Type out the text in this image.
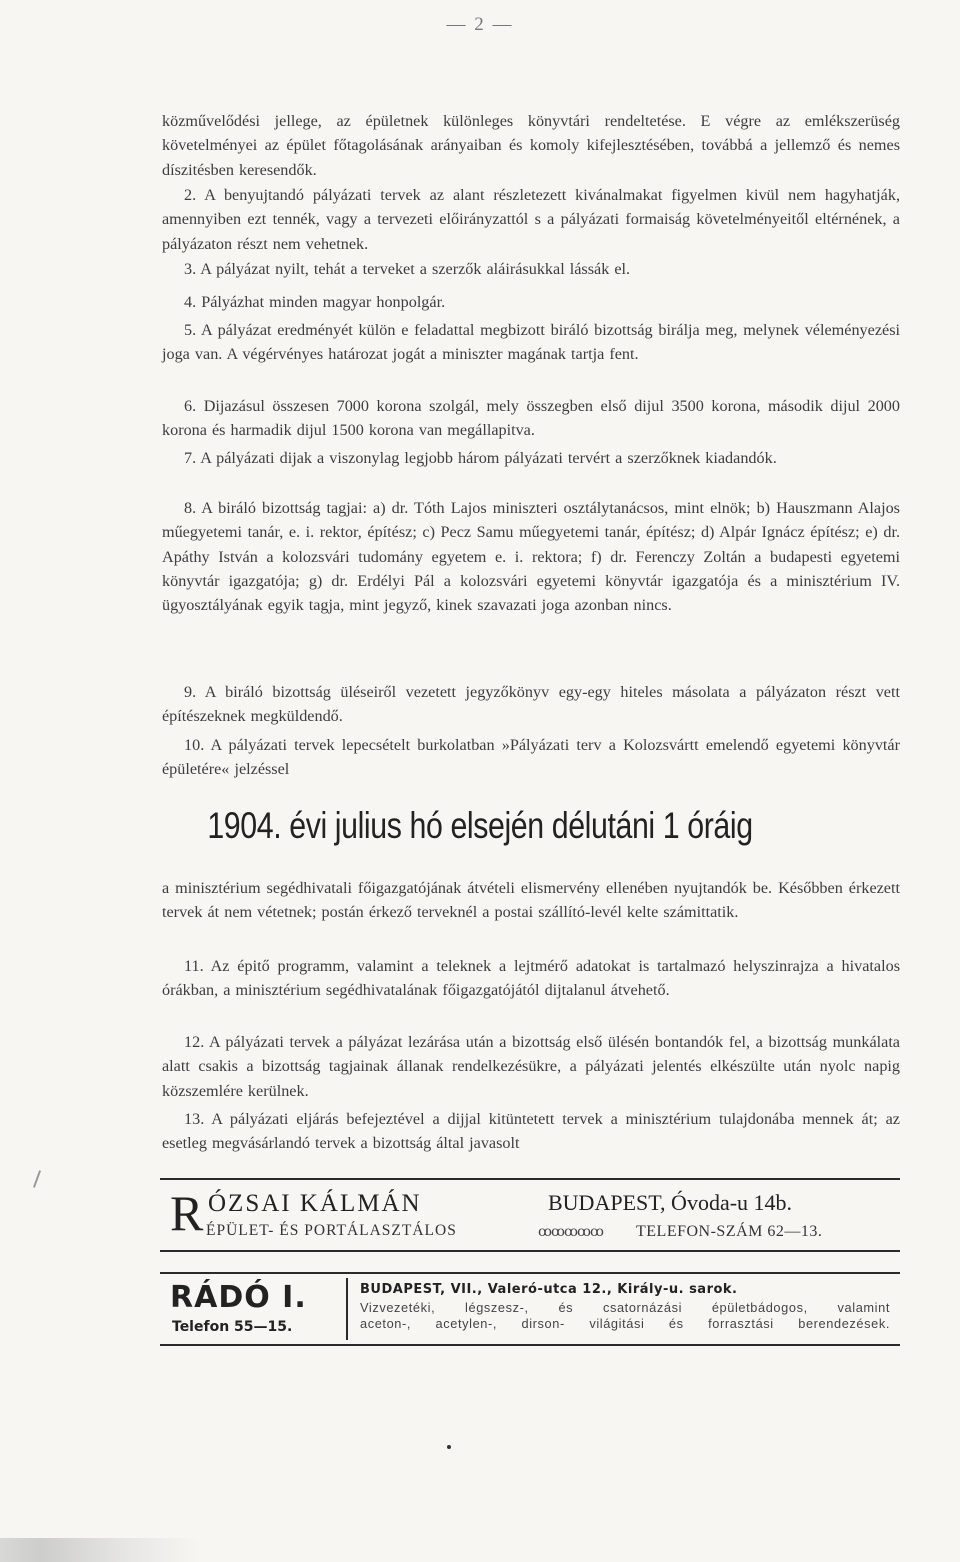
— 2 —
közművelődési jellege, az épületnek különleges könyvtári rendeltetése. E végre az emlékszerüség követelményei az épület főtagolásának arányaiban és komoly kifejlesztésében, továbbá a jellemző és nemes díszitésben keresendők.
2. A benyujtandó pályázati tervek az alant részletezett kivánalmakat figyelmen kivül nem hagyhatják, amennyiben ezt tennék, vagy a tervezeti előirányzattól s a pályázati formaiság követelményeitől eltérnének, a pályázaton részt nem vehetnek.
3. A pályázat nyilt, tehát a terveket a szerzők aláirásukkal lássák el.
4. Pályázhat minden magyar honpolgár.
5. A pályázat eredményét külön e feladattal megbizott biráló bizottság birálja meg, melynek véleményezési joga van. A végérvényes határozat jogát a miniszter magának tartja fent.
6. Dijazásul összesen 7000 korona szolgál, mely összegben első dijul 3500 korona, második dijul 2000 korona és harmadik dijul 1500 korona van megállapitva.
7. A pályázati dijak a viszonylag legjobb három pályázati tervért a szerzőknek kiadandók.
8. A biráló bizottság tagjai: a) dr. Tóth Lajos miniszteri osztálytanácsos, mint elnök; b) Hauszmann Alajos műegyetemi tanár, e. i. rektor, építész; c) Pecz Samu műegyetemi tanár, építész; d) Alpár Ignácz építész; e) dr. Apáthy István a kolozsvári tudomány egyetem e. i. rektora; f) dr. Ferenczy Zoltán a budapesti egyetemi könyvtár igazgatója; g) dr. Erdélyi Pál a kolozsvári egyetemi könyvtár igazgatója és a minisztérium IV. ügyosztályának egyik tagja, mint jegyző, kinek szavazati joga azonban nincs.
9. A biráló bizottság üléseiről vezetett jegyzőkönyv egy-egy hiteles másolata a pályázaton részt vett építészeknek megküldendő.
10. A pályázati tervek lepecsételt burkolatban »Pályázati terv a Kolozsvártt emelendő egyetemi könyvtár épületére« jelzéssel
1904. évi julius hó elsején délutáni 1 óráig
a minisztérium segédhivatali főigazgatójának átvételi elismervény ellenében nyujtandók be. Későbben érkezett tervek át nem vétetnek; postán érkező terveknél a postai szállító-levél kelte számittatik.
11. Az épitő programm, valamint a teleknek a lejtmérő adatokat is tartalmazó helyszinrajza a hivatalos órákban, a minisztérium segédhivatalának főigazgatójától dijtalanul átvehető.
12. A pályázati tervek a pályázat lezárása után a bizottság első ülésén bontandók fel, a bizottság munkálata alatt csakis a bizottság tagjainak állanak rendelkezésükre, a pályázati jelentés elkészülte után nyolc napig közszemlére kerülnek.
13. A pályázati eljárás befejeztével a dijjal kitüntetett tervek a minisztérium tulajdonába mennek át; az esetleg megvásárlandó tervek a bizottság által javasolt
R ÓZSAI KÁLMÁN
ÉPÜLET- ÉS PORTÁLASZTÁLOS
BUDAPEST, Óvoda-u 14b.
ꚙꚙꚙꚙꚙ TELEFON-SZÁM 62—13.
RÁDÓ I.
Telefon 55—15.
BUDAPEST, VII., Valeró-utca 12., Király-u. sarok.
Vizvezetéki, légszesz-, és csatornázási épületbádogos, valamint
aceton-, acetylen-, dirson- világitási és forrasztási berendezések.
